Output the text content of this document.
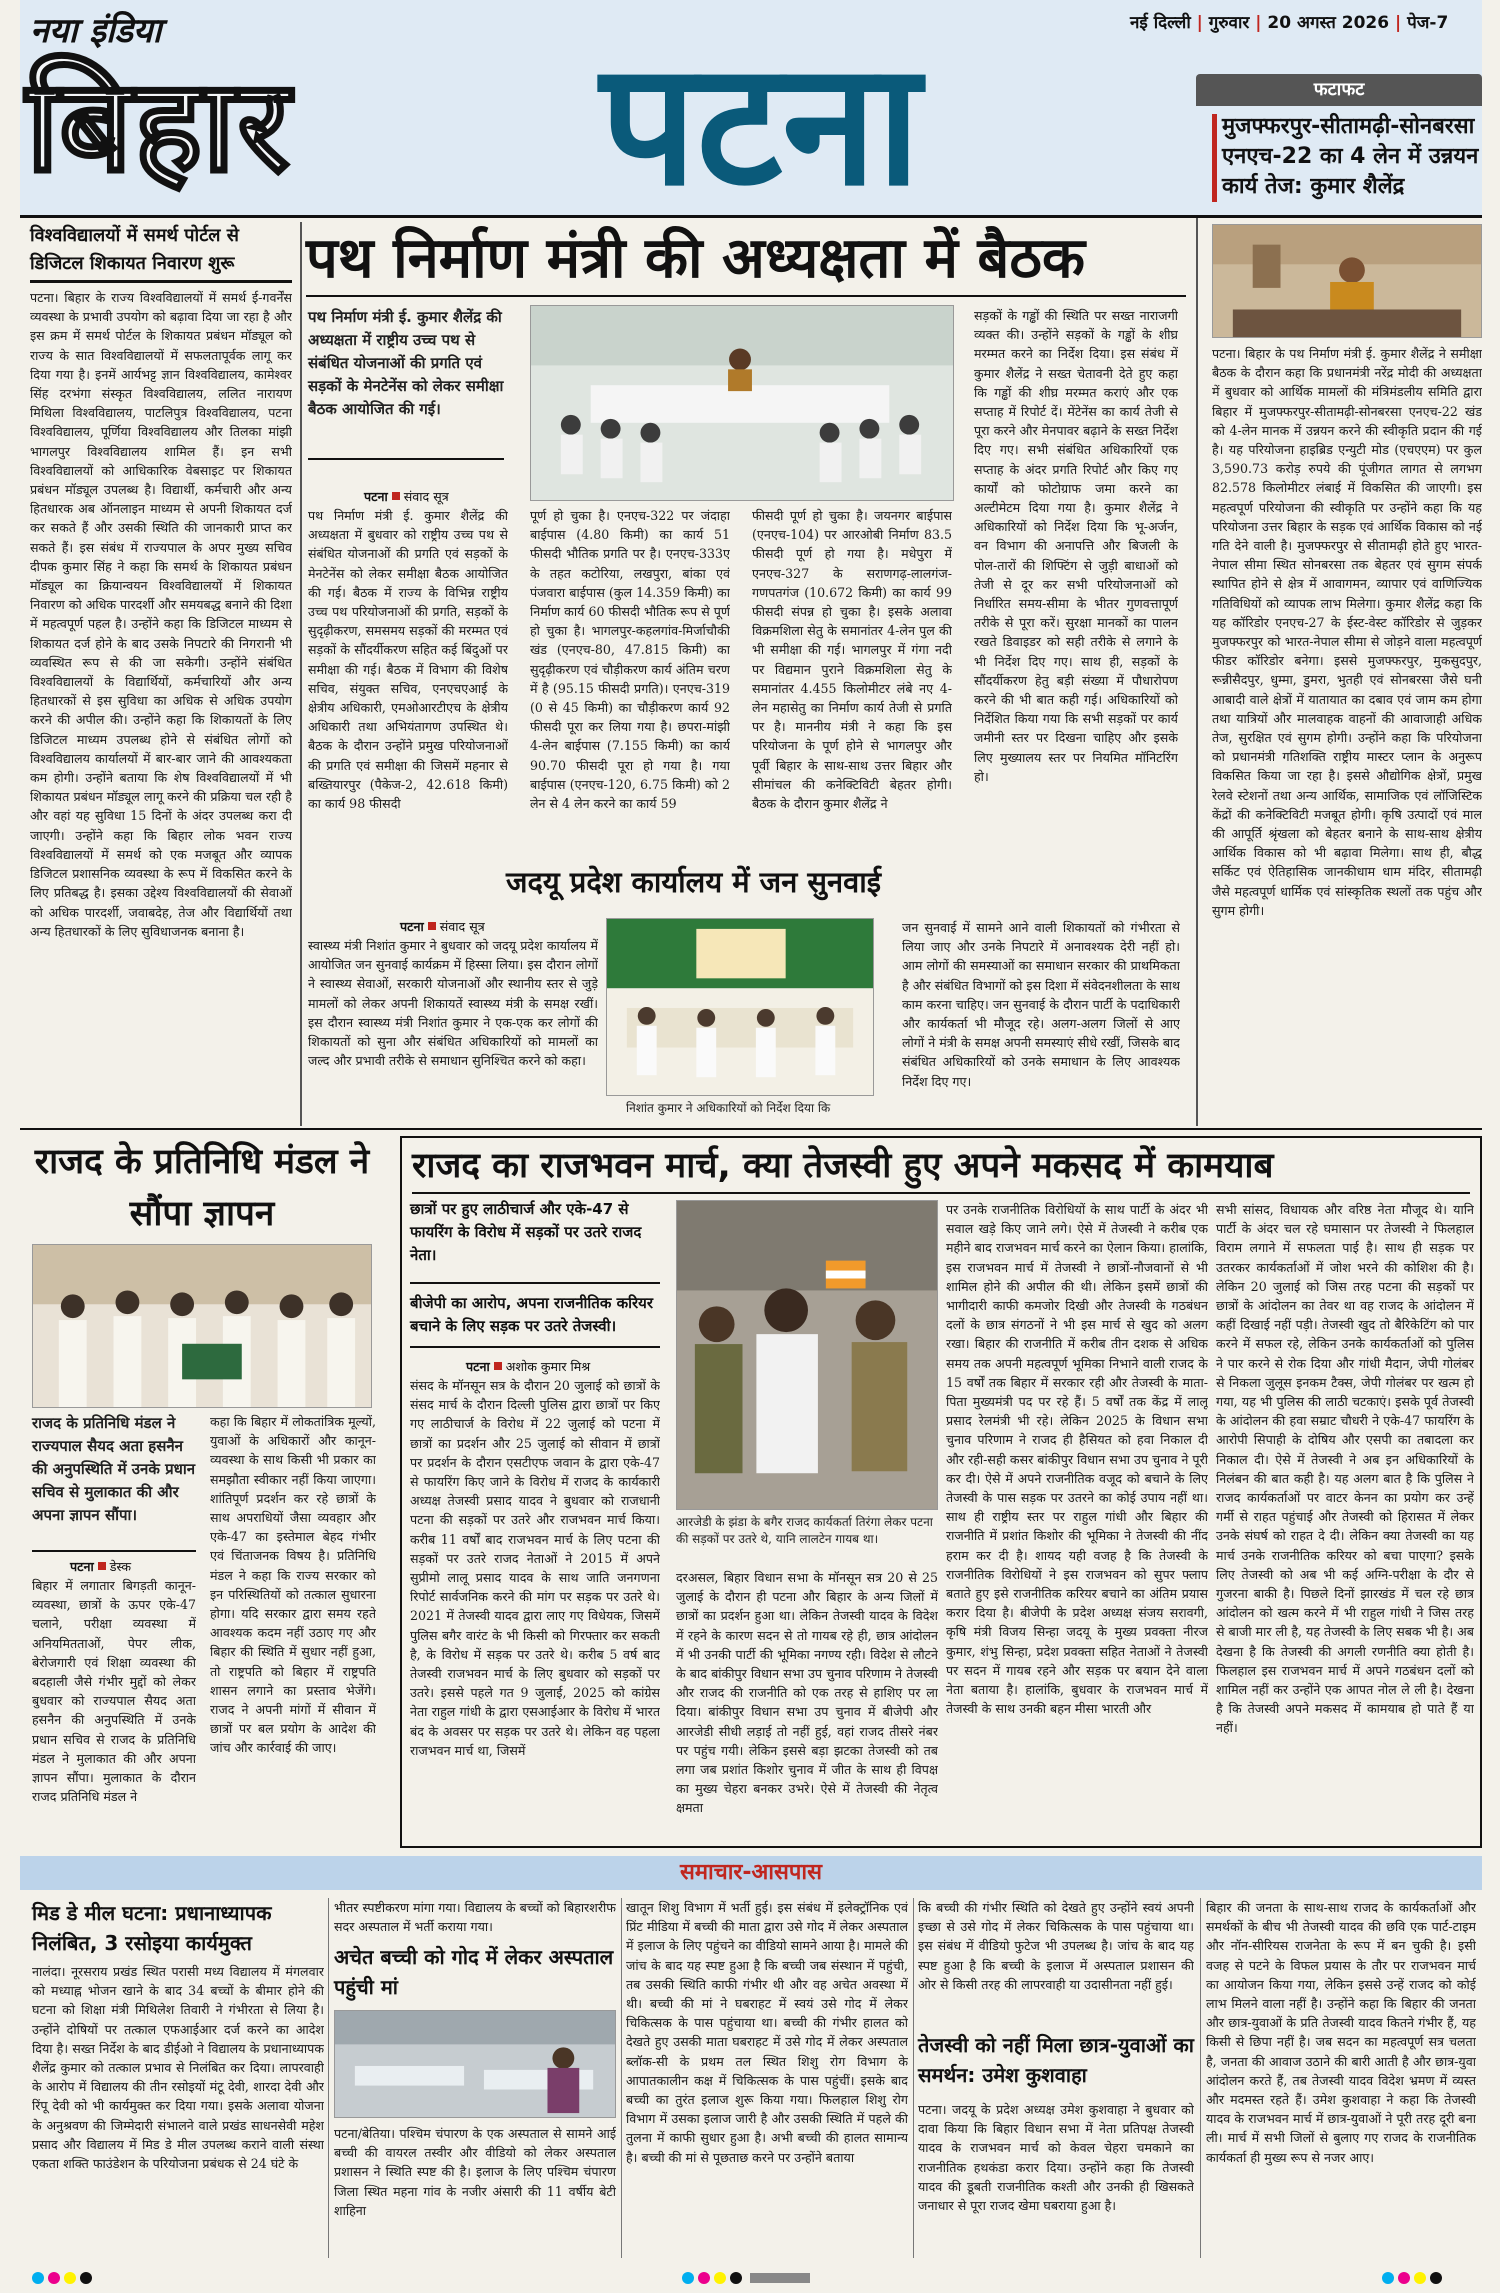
नया इंडिया
बिहार पटना
नई दिल्ली | गुरुवार | 20 अगस्त 2026 | पेज-7
फटाफट
मुजफ्फरपुर-सीतामढ़ी-सोनबरसा एनएच-22 का 4 लेन में उन्नयन कार्य तेज: कुमार शैलेंद्र
पटना। बिहार के पथ निर्माण मंत्री ई. कुमार शैलेंद्र ने समीक्षा बैठक के दौरान कहा कि प्रधानमंत्री नरेंद्र मोदी की अध्यक्षता में बुधवार को आर्थिक मामलों की मंत्रिमंडलीय समिति द्वारा बिहार में मुजफ्फरपुर-सीतामढ़ी-सोनबरसा एनएच-22 खंड को 4-लेन मानक में उन्नयन करने की स्वीकृति प्रदान की गई है। यह परियोजना हाइब्रिड एन्युटी मोड (एचएएम) पर कुल 3,590.73 करोड़ रुपये की पूंजीगत लागत से लगभग 82.578 किलोमीटर लंबाई में विकसित की जाएगी। इस महत्वपूर्ण परियोजना की स्वीकृति पर उन्होंने कहा कि यह परियोजना उत्तर बिहार के सड़क एवं आर्थिक विकास को नई गति देने वाली है। मुजफ्फरपुर से सीतामढ़ी होते हुए भारत-नेपाल सीमा स्थित सोनबरसा तक बेहतर एवं सुगम संपर्क स्थापित होने से क्षेत्र में आवागमन, व्यापार एवं वाणिज्यिक गतिविधियों को व्यापक लाभ मिलेगा। कुमार शैलेंद्र कहा कि यह कॉरिडोर एनएच-27 के ईस्ट-वेस्ट कॉरिडोर से जुड़कर मुजफ्फरपुर को भारत-नेपाल सीमा से जोड़ने वाला महत्वपूर्ण फीडर कॉरिडोर बनेगा। इससे मुजफ्फरपुर, मुकसुदपुर, रून्नीसैदपुर, धुम्मा, डुमरा, भुतही एवं सोनबरसा जैसे घनी आबादी वाले क्षेत्रों में यातायात का दबाव एवं जाम कम होगा तथा यात्रियों और मालवाहक वाहनों की आवाजाही अधिक तेज, सुरक्षित एवं सुगम होगी। उन्होंने कहा कि परियोजना को प्रधानमंत्री गतिशक्ति राष्ट्रीय मास्टर प्लान के अनुरूप विकसित किया जा रहा है। इससे औद्योगिक क्षेत्रों, प्रमुख रेलवे स्टेशनों तथा अन्य आर्थिक, सामाजिक एवं लॉजिस्टिक केंद्रों की कनेक्टिविटी मजबूत होगी। कृषि उत्पादों एवं माल की आपूर्ति श्रृंखला को बेहतर बनाने के साथ-साथ क्षेत्रीय आर्थिक विकास को भी बढ़ावा मिलेगा। साथ ही, बौद्ध सर्किट एवं ऐतिहासिक जानकीधाम धाम मंदिर, सीतामढ़ी जैसे महत्वपूर्ण धार्मिक एवं सांस्कृतिक स्थलों तक पहुंच और सुगम होगी।
विश्वविद्यालयों में समर्थ पोर्टल से डिजिटल शिकायत निवारण शुरू
पटना। बिहार के राज्य विश्वविद्यालयों में समर्थ ई-गवर्नेंस व्यवस्था के प्रभावी उपयोग को बढ़ावा दिया जा रहा है और इस क्रम में समर्थ पोर्टल के शिकायत प्रबंधन मॉड्यूल को राज्य के सात विश्वविद्यालयों में सफलतापूर्वक लागू कर दिया गया है। इनमें आर्यभट्ट ज्ञान विश्वविद्यालय, कामेश्वर सिंह दरभंगा संस्कृत विश्वविद्यालय, ललित नारायण मिथिला विश्वविद्यालय, पाटलिपुत्र विश्वविद्यालय, पटना विश्वविद्यालय, पूर्णिया विश्वविद्यालय और तिलका मांझी भागलपुर विश्वविद्यालय शामिल हैं। इन सभी विश्वविद्यालयों को आधिकारिक वेबसाइट पर शिकायत प्रबंधन मॉड्यूल उपलब्ध है। विद्यार्थी, कर्मचारी और अन्य हितधारक अब ऑनलाइन माध्यम से अपनी शिकायत दर्ज कर सकते हैं और उसकी स्थिति की जानकारी प्राप्त कर सकते हैं। इस संबंध में राज्यपाल के अपर मुख्य सचिव दीपक कुमार सिंह ने कहा कि समर्थ के शिकायत प्रबंधन मॉड्यूल का क्रियान्वयन विश्वविद्यालयों में शिकायत निवारण को अधिक पारदर्शी और समयबद्ध बनाने की दिशा में महत्वपूर्ण पहल है। उन्होंने कहा कि डिजिटल माध्यम से शिकायत दर्ज होने के बाद उसके निपटारे की निगरानी भी व्यवस्थित रूप से की जा सकेगी। उन्होंने संबंधित विश्वविद्यालयों के विद्यार्थियों, कर्मचारियों और अन्य हितधारकों से इस सुविधा का अधिक से अधिक उपयोग करने की अपील की। उन्होंने कहा कि शिकायतों के लिए डिजिटल माध्यम उपलब्ध होने से संबंधित लोगों को विश्वविद्यालय कार्यालयों में बार-बार जाने की आवश्यकता कम होगी। उन्होंने बताया कि शेष विश्वविद्यालयों में भी शिकायत प्रबंधन मॉड्यूल लागू करने की प्रक्रिया चल रही है और वहां यह सुविधा 15 दिनों के अंदर उपलब्ध करा दी जाएगी। उन्होंने कहा कि बिहार लोक भवन राज्य विश्वविद्यालयों में समर्थ को एक मजबूत और व्यापक डिजिटल प्रशासनिक व्यवस्था के रूप में विकसित करने के लिए प्रतिबद्ध है। इसका उद्देश्य विश्वविद्यालयों की सेवाओं को अधिक पारदर्शी, जवाबदेह, तेज और विद्यार्थियों तथा अन्य हितधारकों के लिए सुविधाजनक बनाना है।
पथ निर्माण मंत्री की अध्यक्षता में बैठक
पथ निर्माण मंत्री ई. कुमार शैलेंद्र की अध्यक्षता में राष्ट्रीय उच्च पथ से संबंधित योजनाओं की प्रगति एवं सड़कों के मेनटेनेंस को लेकर समीक्षा बैठक आयोजित की गई।
पटना संवाद सूत्र
पथ निर्माण मंत्री ई. कुमार शैलेंद्र की अध्यक्षता में बुधवार को राष्ट्रीय उच्च पथ से संबंधित योजनाओं की प्रगति एवं सड़कों के मेनटेनेंस को लेकर समीक्षा बैठक आयोजित की गई। बैठक में राज्य के विभिन्न राष्ट्रीय उच्च पथ परियोजनाओं की प्रगति, सड़कों के सुदृढ़ीकरण, समसमय सड़कों की मरम्मत एवं सड़कों के सौंदर्यीकरण सहित कई बिंदुओं पर समीक्षा की गई। बैठक में विभाग की विशेष सचिव, संयुक्त सचिव, एनएचएआई के क्षेत्रीय अधिकारी, एमओआरटीएच के क्षेत्रीय अधिकारी तथा अभियंतागण उपस्थित थे। बैठक के दौरान उन्होंने प्रमुख परियोजनाओं की प्रगति एवं समीक्षा की जिसमें महनार से बख्तियारपुर (पैकेज-2, 42.618 किमी) का कार्य 98 फीसदी
पूर्ण हो चुका है। एनएच-322 पर जंदाहा बाईपास (4.80 किमी) का कार्य 51 फीसदी भौतिक प्रगति पर है। एनएच-333ए के तहत कटोरिया, लखपुरा, बांका एवं पंजवारा बाईपास (कुल 14.359 किमी) का निर्माण कार्य 60 फीसदी भौतिक रूप से पूर्ण हो चुका है। भागलपुर-कहलगांव-मिर्जाचौकी खंड (एनएच-80, 47.815 किमी) का सुदृढ़ीकरण एवं चौड़ीकरण कार्य अंतिम चरण में है (95.15 फीसदी प्रगति)। एनएच-319 (0 से 45 किमी) का चौड़ीकरण कार्य 92 फीसदी पूरा कर लिया गया है। छपरा-मांझी 4-लेन बाईपास (7.155 किमी) का कार्य 90.70 फीसदी पूरा हो गया है। गया बाईपास (एनएच-120, 6.75 किमी) को 2 लेन से 4 लेन करने का कार्य 59
फीसदी पूर्ण हो चुका है। जयनगर बाईपास (एनएच-104) पर आरओबी निर्माण 83.5 फीसदी पूर्ण हो गया है। मधेपुरा में एनएच-327 के सराणगढ़-लालगंज-गणपतगंज (10.672 किमी) का कार्य 99 फीसदी संपन्न हो चुका है। इसके अलावा विक्रमशिला सेतु के समानांतर 4-लेन पुल की भी समीक्षा की गई। भागलपुर में गंगा नदी पर विद्यमान पुराने विक्रमशिला सेतु के समानांतर 4.455 किलोमीटर लंबे नए 4-लेन महासेतु का निर्माण कार्य तेजी से प्रगति पर है। माननीय मंत्री ने कहा कि इस परियोजना के पूर्ण होने से भागलपुर और पूर्वी बिहार के साथ-साथ उत्तर बिहार और सीमांचल की कनेक्टिविटी बेहतर होगी। बैठक के दौरान कुमार शैलेंद्र ने
सड़कों के गड्ढों की स्थिति पर सख्त नाराजगी व्यक्त की। उन्होंने सड़कों के गड्ढों के शीघ्र मरम्मत करने का निर्देश दिया। इस संबंध में कुमार शैलेंद्र ने सख्त चेतावनी देते हुए कहा कि गड्ढों की शीघ्र मरम्मत कराएं और एक सप्ताह में रिपोर्ट दें। मेंटेनेंस का कार्य तेजी से पूरा करने और मेनपावर बढ़ाने के सख्त निर्देश दिए गए। सभी संबंधित अधिकारियों एक सप्ताह के अंदर प्रगति रिपोर्ट और किए गए कार्यों को फोटोग्राफ जमा करने का अल्टीमेटम दिया गया है। कुमार शैलेंद्र ने अधिकारियों को निर्देश दिया कि भू-अर्जन, वन विभाग की अनापत्ति और बिजली के पोल-तारों की शिफ्टिंग से जुड़ी बाधाओं को तेजी से दूर कर सभी परियोजनाओं को निर्धारित समय-सीमा के भीतर गुणवत्तापूर्ण तरीके से पूरा करें। सुरक्षा मानकों का पालन रखते डिवाइडर को सही तरीके से लगाने के भी निर्देश दिए गए। साथ ही, सड़कों के सौंदर्यीकरण हेतु बड़ी संख्या में पौधारोपण करने की भी बात कही गई। अधिकारियों को निर्देशित किया गया कि सभी सड़कों पर कार्य जमीनी स्तर पर दिखना चाहिए और इसके लिए मुख्यालय स्तर पर नियमित मॉनिटरिंग हो।
जदयू प्रदेश कार्यालय में जन सुनवाई
पटना संवाद सूत्र
स्वास्थ्य मंत्री निशांत कुमार ने बुधवार को जदयू प्रदेश कार्यालय में आयोजित जन सुनवाई कार्यक्रम में हिस्सा लिया। इस दौरान लोगों ने स्वास्थ्य सेवाओं, सरकारी योजनाओं और स्थानीय स्तर से जुड़े मामलों को लेकर अपनी शिकायतें स्वास्थ्य मंत्री के समक्ष रखीं। इस दौरान स्वास्थ्य मंत्री निशांत कुमार ने एक-एक कर लोगों की शिकायतों को सुना और संबंधित अधिकारियों को मामलों का जल्द और प्रभावी तरीके से समाधान सुनिश्चित करने को कहा।
निशांत कुमार ने अधिकारियों को निर्देश दिया कि
जन सुनवाई में सामने आने वाली शिकायतों को गंभीरता से लिया जाए और उनके निपटारे में अनावश्यक देरी नहीं हो। आम लोगों की समस्याओं का समाधान सरकार की प्राथमिकता है और संबंधित विभागों को इस दिशा में संवेदनशीलता के साथ काम करना चाहिए। जन सुनवाई के दौरान पार्टी के पदाधिकारी और कार्यकर्ता भी मौजूद रहे। अलग-अलग जिलों से आए लोगों ने मंत्री के समक्ष अपनी समस्याएं सीधे रखीं, जिसके बाद संबंधित अधिकारियों को उनके समाधान के लिए आवश्यक निर्देश दिए गए।
राजद के प्रतिनिधि मंडल ने सौंपा ज्ञापन
राजद के प्रतिनिधि मंडल ने राज्यपाल सैयद अता हसनैन की अनुपस्थिति में उनके प्रधान सचिव से मुलाकात की और अपना ज्ञापन सौंपा।
पटना डेस्क
बिहार में लगातार बिगड़ती कानून-व्यवस्था, छात्रों के ऊपर एके-47 चलाने, परीक्षा व्यवस्था में अनियमितताओं, पेपर लीक, बेरोजगारी एवं शिक्षा व्यवस्था की बदहाली जैसे गंभीर मुद्दों को लेकर बुधवार को राज्यपाल सैयद अता हसनैन की अनुपस्थिति में उनके प्रधान सचिव से राजद के प्रतिनिधि मंडल ने मुलाकात की और अपना ज्ञापन सौंपा। मुलाकात के दौरान राजद प्रतिनिधि मंडल ने
कहा कि बिहार में लोकतांत्रिक मूल्यों, युवाओं के अधिकारों और कानून-व्यवस्था के साथ किसी भी प्रकार का समझौता स्वीकार नहीं किया जाएगा। शांतिपूर्ण प्रदर्शन कर रहे छात्रों के साथ अपराधियों जैसा व्यवहार और एके-47 का इस्तेमाल बेहद गंभीर एवं चिंताजनक विषय है। प्रतिनिधि मंडल ने कहा कि राज्य सरकार को इन परिस्थितियों को तत्काल सुधारना होगा। यदि सरकार द्वारा समय रहते आवश्यक कदम नहीं उठाए गए और बिहार की स्थिति में सुधार नहीं हुआ, तो राष्ट्रपति को बिहार में राष्ट्रपति शासन लगाने का प्रस्ताव भेजेंगे। राजद ने अपनी मांगों में सीवान में छात्रों पर बल प्रयोग के आदेश की जांच और कार्रवाई की जाए।
राजद का राजभवन मार्च, क्या तेजस्वी हुए अपने मकसद में कामयाब
छात्रों पर हुए लाठीचार्ज और एके-47 से फायरिंग के विरोध में सड़कों पर उतरे राजद नेता।
बीजेपी का आरोप, अपना राजनीतिक करियर बचाने के लिए सड़क पर उतरे तेजस्वी।
पटना अशोक कुमार मिश्र
संसद के मॉनसून सत्र के दौरान 20 जुलाई को छात्रों के संसद मार्च के दौरान दिल्ली पुलिस द्वारा छात्रों पर किए गए लाठीचार्ज के विरोध में 22 जुलाई को पटना में छात्रों का प्रदर्शन और 25 जुलाई को सीवान में छात्रों पर प्रदर्शन के दौरान एसटीएफ जवान के द्वारा एके-47 से फायरिंग किए जाने के विरोध में राजद के कार्यकारी अध्यक्ष तेजस्वी प्रसाद यादव ने बुधवार को राजधानी पटना की सड़कों पर उतरे और राजभवन मार्च किया। करीब 11 वर्षों बाद राजभवन मार्च के लिए पटना की सड़कों पर उतरे राजद नेताओं ने 2015 में अपने सुप्रीमो लालू प्रसाद यादव के साथ जाति जनगणना रिपोर्ट सार्वजनिक करने की मांग पर सड़क पर उतरे थे। 2021 में तेजस्वी यादव द्वारा लाए गए विधेयक, जिसमें पुलिस बगैर वारंट के भी किसी को गिरफ्तार कर सकती है, के विरोध में सड़क पर उतरे थे। करीब 5 वर्ष बाद तेजस्वी राजभवन मार्च के लिए बुधवार को सड़कों पर उतरे। इससे पहले गत 9 जुलाई, 2025 को कांग्रेस नेता राहुल गांधी के द्वारा एसआईआर के विरोध में भारत बंद के अवसर पर सड़क पर उतरे थे। लेकिन वह पहला राजभवन मार्च था, जिसमें
आरजेडी के झंडा के बगैर राजद कार्यकर्ता तिरंगा लेकर पटना की सड़कों पर उतरे थे, यानि लालटेन गायब था।
दरअसल, बिहार विधान सभा के मॉनसून सत्र 20 से 25 जुलाई के दौरान ही पटना और बिहार के अन्य जिलों में छात्रों का प्रदर्शन हुआ था। लेकिन तेजस्वी यादव के विदेश में रहने के कारण सदन से तो गायब रहे ही, छात्र आंदोलन में भी उनकी पार्टी की भूमिका नगण्य रही। विदेश से लौटने के बाद बांकीपुर विधान सभा उप चुनाव परिणाम ने तेजस्वी और राजद की राजनीति को एक तरह से हाशिए पर ला दिया। बांकीपुर विधान सभा उप चुनाव में बीजेपी और आरजेडी सीधी लड़ाई तो नहीं हुई, वहां राजद तीसरे नंबर पर पहुंच गयी। लेकिन इससे बड़ा झटका तेजस्वी को तब लगा जब प्रशांत किशोर चुनाव में जीत के साथ ही विपक्ष का मुख्य चेहरा बनकर उभरे। ऐसे में तेजस्वी की नेतृत्व क्षमता
पर उनके राजनीतिक विरोधियों के साथ पार्टी के अंदर भी सवाल खड़े किए जाने लगे। ऐसे में तेजस्वी ने करीब एक महीने बाद राजभवन मार्च करने का ऐलान किया। हालांकि, इस राजभवन मार्च में तेजस्वी ने छात्रों-नौजवानों से भी शामिल होने की अपील की थी। लेकिन इसमें छात्रों की भागीदारी काफी कमजोर दिखी और तेजस्वी के गठबंधन दलों के छात्र संगठनों ने भी इस मार्च से खुद को अलग रखा। बिहार की राजनीति में करीब तीन दशक से अधिक समय तक अपनी महत्वपूर्ण भूमिका निभाने वाली राजद के 15 वर्षों तक बिहार में सरकार रही और तेजस्वी के माता-पिता मुख्यमंत्री पद पर रहे हैं। 5 वर्षों तक केंद्र में लालू प्रसाद रेलमंत्री भी रहे। लेकिन 2025 के विधान सभा चुनाव परिणाम ने राजद ही हैसियत को हवा निकाल दी और रही-सही कसर बांकीपुर विधान सभा उप चुनाव ने पूरी कर दी। ऐसे में अपने राजनीतिक वजूद को बचाने के लिए तेजस्वी के पास सड़क पर उतरने का कोई उपाय नहीं था। साथ ही राष्ट्रीय स्तर पर राहुल गांधी और बिहार की राजनीति में प्रशांत किशोर की भूमिका ने तेजस्वी की नींद हराम कर दी है। शायद यही वजह है कि तेजस्वी के राजनीतिक विरोधियों ने इस राजभवन को सुपर फ्लाप बताते हुए इसे राजनीतिक करियर बचाने का अंतिम प्रयास करार दिया है। बीजेपी के प्रदेश अध्यक्ष संजय सरावगी, कृषि मंत्री विजय सिन्हा जदयू के मुख्य प्रवक्ता नीरज कुमार, शंभु सिन्हा, प्रदेश प्रवक्ता सहित नेताओं ने तेजस्वी पर सदन में गायब रहने और सड़क पर बयान देने वाला नेता बताया है। हालांकि, बुधवार के राजभवन मार्च में तेजस्वी के साथ उनकी बहन मीसा भारती और
सभी सांसद, विधायक और वरिष्ठ नेता मौजूद थे। यानि पार्टी के अंदर चल रहे घमासान पर तेजस्वी ने फिलहाल विराम लगाने में सफलता पाई है। साथ ही सड़क पर उतरकर कार्यकर्ताओं में जोश भरने की कोशिश की है। लेकिन 20 जुलाई को जिस तरह पटना की सड़कों पर छात्रों के आंदोलन का तेवर था वह राजद के आंदोलन में कहीं दिखाई नहीं पड़ी। तेजस्वी खुद तो बैरिकेटिंग को पार करने में सफल रहे, लेकिन उनके कार्यकर्ताओं को पुलिस ने पार करने से रोक दिया और गांधी मैदान, जेपी गोलंबर से निकला जुलूस इनकम टैक्स, जेपी गोलंबर पर खत्म हो गया, यह भी पुलिस की लाठी चटकाएं। इसके पूर्व तेजस्वी के आंदोलन की हवा सम्राट चौधरी ने एके-47 फायरिंग के आरोपी सिपाही के दोषिय और एसपी का तबादला कर निकाल दी। ऐसे में तेजस्वी ने अब इन अधिकारियों के निलंबन की बात कही है। यह अलग बात है कि पुलिस ने राजद कार्यकर्ताओं पर वाटर केनन का प्रयोग कर उन्हें गर्मी से राहत पहुंचाई और तेजस्वी को हिरासत में लेकर उनके संघर्ष को राहत दे दी। लेकिन क्या तेजस्वी का यह मार्च उनके राजनीतिक करियर को बचा पाएगा? इसके लिए तेजस्वी को अब भी कई अग्नि-परीक्षा के दौर से गुजरना बाकी है। पिछले दिनों झारखंड में चल रहे छात्र आंदोलन को खत्म करने में भी राहुल गांधी ने जिस तरह से बाजी मार ली है, यह तेजस्वी के लिए सबक भी है। अब देखना है कि तेजस्वी की अगली रणनीति क्या होती है। फिलहाल इस राजभवन मार्च में अपने गठबंधन दलों को शामिल नहीं कर उन्होंने एक आपत नोल ले ली है। देखना है कि तेजस्वी अपने मकसद में कामयाब हो पाते हैं या नहीं।
समाचार-आसपास
मिड डे मील घटना: प्रधानाध्यापक निलंबित, 3 रसोइया कार्यमुक्त
नालंदा। नूरसराय प्रखंड स्थित परासी मध्य विद्यालय में मंगलवार को मध्याह्न भोजन खाने के बाद 34 बच्चों के बीमार होने की घटना को शिक्षा मंत्री मिथिलेश तिवारी ने गंभीरता से लिया है। उन्होंने दोषियों पर तत्काल एफआईआर दर्ज करने का आदेश दिया है। सख्त निर्देश के बाद डीईओ ने विद्यालय के प्रधानाध्यापक शैलेंद्र कुमार को तत्काल प्रभाव से निलंबित कर दिया। लापरवाही के आरोप में विद्यालय की तीन रसोइयों मंटू देवी, शारदा देवी और रिंपू देवी को भी कार्यमुक्त कर दिया गया। इसके अलावा योजना के अनुश्रवण की जिम्मेदारी संभालने वाले प्रखंड साधनसेवी महेश प्रसाद और विद्यालय में मिड डे मील उपलब्ध कराने वाली संस्था एकता शक्ति फाउंडेशन के परियोजना प्रबंधक से 24 घंटे के
भीतर स्पष्टीकरण मांगा गया। विद्यालय के बच्चों को बिहारशरीफ सदर अस्पताल में भर्ती कराया गया।
अचेत बच्ची को गोद में लेकर अस्पताल पहुंची मां
पटना/बेतिया। पश्चिम चंपारण के एक अस्पताल से सामने आई बच्ची की वायरल तस्वीर और वीडियो को लेकर अस्पताल प्रशासन ने स्थिति स्पष्ट की है। इलाज के लिए पश्चिम चंपारण जिला स्थित महना गांव के नजीर अंसारी की 11 वर्षीय बेटी शाहिना
खातून शिशु विभाग में भर्ती हुई। इस संबंध में इलेक्ट्रॉनिक एवं प्रिंट मीडिया में बच्ची की माता द्वारा उसे गोद में लेकर अस्पताल में इलाज के लिए पहुंचने का वीडियो सामने आया है। मामले की जांच के बाद यह स्पष्ट हुआ है कि बच्ची जब संस्थान में पहुंची, तब उसकी स्थिति काफी गंभीर थी और वह अचेत अवस्था में थी। बच्ची की मां ने घबराहट में स्वयं उसे गोद में लेकर चिकित्सक के पास पहुंचाया था। बच्ची की गंभीर हालत को देखते हुए उसकी माता घबराहट में उसे गोद में लेकर अस्पताल ब्लॉक-सी के प्रथम तल स्थित शिशु रोग विभाग के आपातकालीन कक्ष में चिकित्सक के पास पहुंचीं। इसके बाद बच्ची का तुरंत इलाज शुरू किया गया। फिलहाल शिशु रोग विभाग में उसका इलाज जारी है और उसकी स्थिति में पहले की तुलना में काफी सुधार हुआ है। अभी बच्ची की हालत सामान्य है। बच्ची की मां से पूछताछ करने पर उन्होंने बताया
कि बच्ची की गंभीर स्थिति को देखते हुए उन्होंने स्वयं अपनी इच्छा से उसे गोद में लेकर चिकित्सक के पास पहुंचाया था। इस संबंध में वीडियो फुटेज भी उपलब्ध है। जांच के बाद यह स्पष्ट हुआ है कि बच्ची के इलाज में अस्पताल प्रशासन की ओर से किसी तरह की लापरवाही या उदासीनता नहीं हुई।
तेजस्वी को नहीं मिला छात्र-युवाओं का समर्थन: उमेश कुशवाहा
पटना। जदयू के प्रदेश अध्यक्ष उमेश कुशवाहा ने बुधवार को दावा किया कि बिहार विधान सभा में नेता प्रतिपक्ष तेजस्वी यादव के राजभवन मार्च को केवल चेहरा चमकाने का राजनीतिक हथकंडा करार दिया। उन्होंने कहा कि तेजस्वी यादव की डूबती राजनीतिक कश्ती और उनकी ही खिसकते जनाधार से पूरा राजद खेमा घबराया हुआ है।
बिहार की जनता के साथ-साथ राजद के कार्यकर्ताओं और समर्थकों के बीच भी तेजस्वी यादव की छवि एक पार्ट-टाइम और नॉन-सीरियस राजनेता के रूप में बन चुकी है। इसी वजह से पटने के विफल प्रयास के तौर पर राजभवन मार्च का आयोजन किया गया, लेकिन इससे उन्हें राजद को कोई लाभ मिलने वाला नहीं है। उन्होंने कहा कि बिहार की जनता और छात्र-युवाओं के प्रति तेजस्वी यादव कितने गंभीर हैं, यह किसी से छिपा नहीं है। जब सदन का महत्वपूर्ण सत्र चलता है, जनता की आवाज उठाने की बारी आती है और छात्र-युवा आंदोलन करते हैं, तब तेजस्वी यादव विदेश भ्रमण में व्यस्त और मदमस्त रहते हैं। उमेश कुशवाहा ने कहा कि तेजस्वी यादव के राजभवन मार्च में छात्र-युवाओं ने पूरी तरह दूरी बना ली। मार्च में सभी जिलों से बुलाए गए राजद के राजनीतिक कार्यकर्ता ही मुख्य रूप से नजर आए।
